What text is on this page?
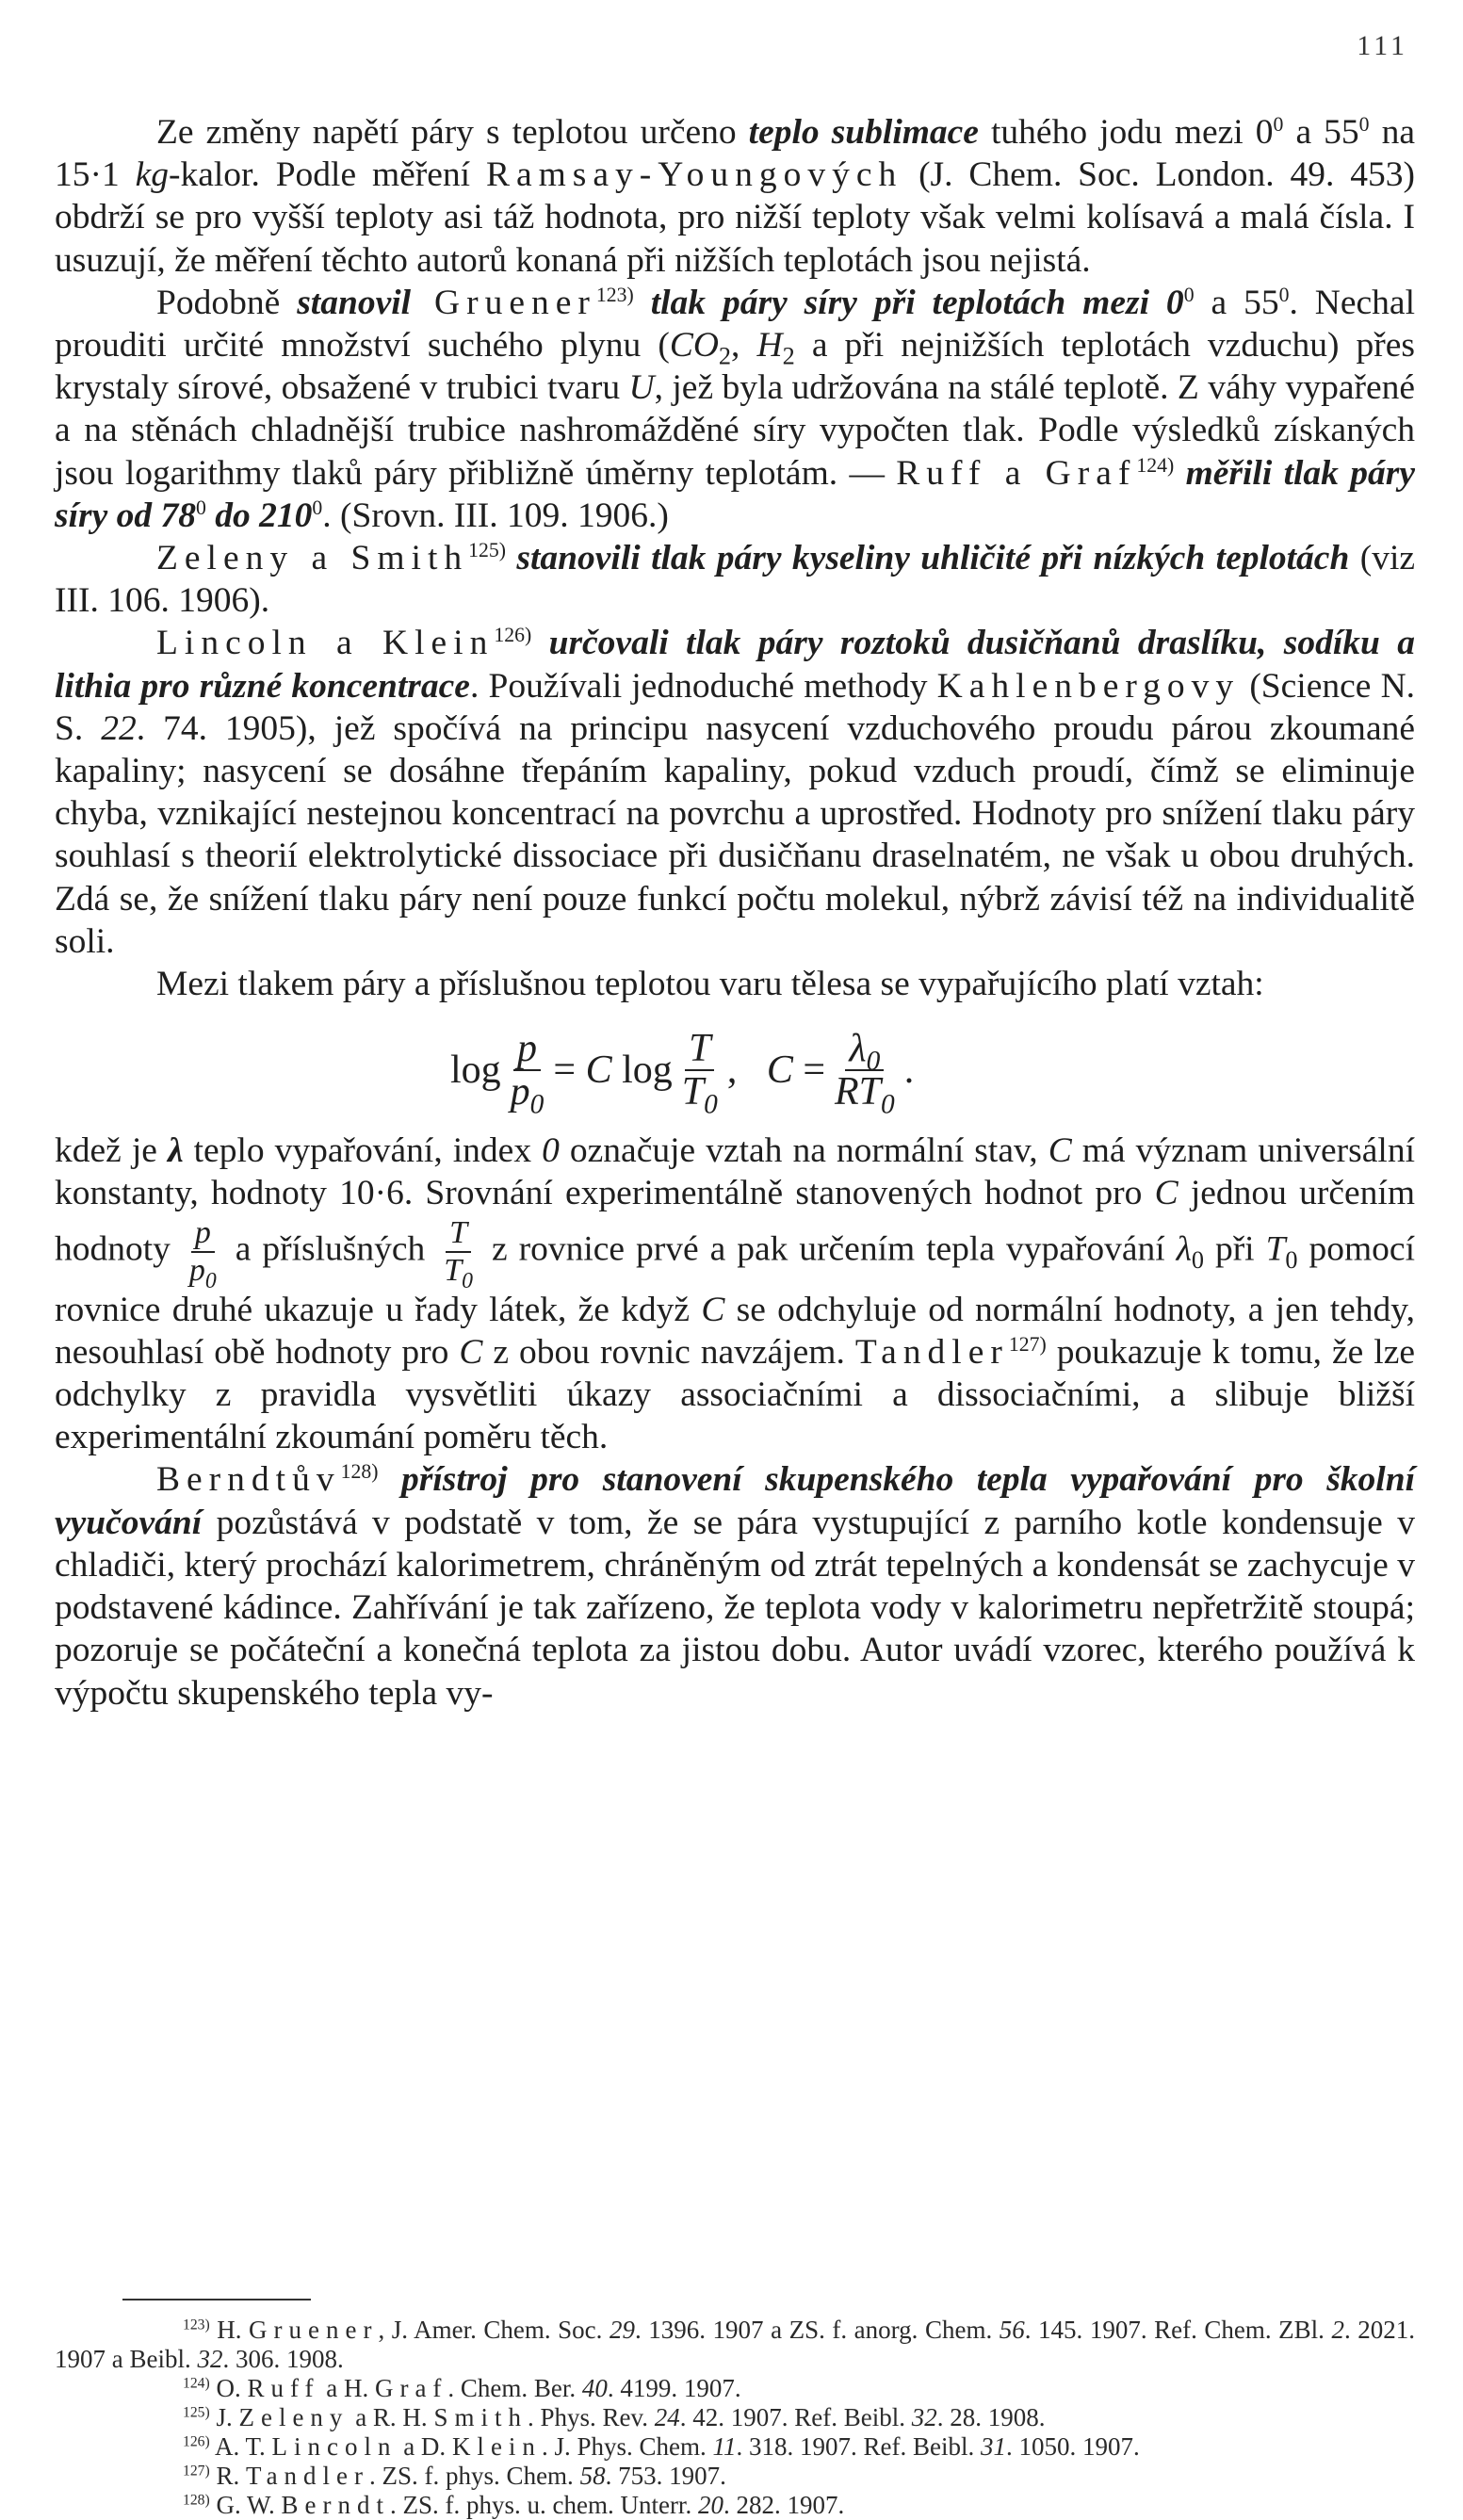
111

Ze změny napětí páry s teplotou určeno teplo sublimace tuhého jodu mezi $0^0$ a $55^0$ na 15·1 kg-kalor. Podle měření Ramsay-Youngových (J. Chem. Soc. London. 49. 453) obdrží se pro vyšší teploty asi táž hodnota, pro nižší teploty však velmi kolísavá a malá čísla. I usuzují, že měření těchto autorů konaná při nižších teplotách jsou nejistá.

Podobně stanovil Gruener$^{123)}$ tlak páry síry při teplotách mezi $0^0$ a $55^0$. Nechal prouditi určité množství suchého plynu ($CO_2$, $H_2$ a při nejnižších teplotách vzduchu) přes krystaly sírové, obsažené v trubici tvaru U, jež byla udržována na stálé teplotě. Z váhy vypařené a na stěnách chladnější trubice nashromážděné síry vypočten tlak. Podle výsledků získaných jsou logarithmy tlaků páry přibližně úměrny teplotám. — Ruff a Graf$^{124)}$ měřili tlak páry síry od $78^0$ do $210^0$. (Srovn. III. 109. 1906.)

Zeleny a Smith$^{125)}$ stanovili tlak páry kyseliny uhličité při nízkých teplotách (viz III. 106. 1906).

Lincoln a Klein$^{126)}$ určovali tlak páry roztoků dusičňanů draslíku, sodíku a lithia pro různé koncentrace. Používali jednoduché methody Kahlenbergovy (Science N. S. 22. 74. 1905), jež spočívá na principu nasycení vzduchového proudu párou zkoumané kapaliny; nasycení se dosáhne třepáním kapaliny, pokud vzduch proudí, čímž se eliminuje chyba, vznikající nestejnou koncentrací na povrchu a uprostřed. Hodnoty pro snížení tlaku páry souhlasí s theorií elektrolytické dissociace při dusičňanu draselnatém, ne však u obou druhých. Zdá se, že snížení tlaku páry není pouze funkcí počtu molekul, nýbrž závisí též na individualitě soli.

Mezi tlakem páry a příslušnou teplotou varu tělesa se vypařujícího platí vztah:

$\log \frac{p}{p_0}$ =
C
$\log \frac{T}{T_0}$ ,
C
= $\frac{\lambda_0}{RT_0}$ .

kdež je λ teplo vypařování, index 0 označuje vztah na normální stav, C má význam universální konstanty, hodnoty 10·6. Srovnání experimentálně stanovených hodnot pro C jednou určením hodnoty $\frac{p}{p_0}$ a příslušných $\frac{T}{T_0}$ z rovnice prvé a pak určením tepla vypařování $\lambda_0$ při $T_0$ pomocí rovnice druhé ukazuje u řady látek, že když C se odchyluje od normální hodnoty, a jen tehdy, nesouhlasí obě hodnoty pro C z obou rovnic navzájem. Tandler$^{127)}$ poukazuje k tomu, že lze odchylky z pravidla vysvětliti úkazy associačními a dissociačními, a slibuje bližší experimentální zkoumání poměru těch.

Berndtův$^{128)}$ přístroj pro stanovení skupenského tepla vypařování pro školní vyučování pozůstává v podstatě v tom, že se pára vystupující z parního kotle kondensuje v chladiči, který prochází kalorimetrem, chráněným od ztrát tepelných a kondensát se zachycuje v podstavené kádince. Zahřívání je tak zařízeno, že teplota vody v kalorimetru nepřetržitě stoupá; pozoruje se počáteční a konečná teplota za jistou dobu. Autor uvádí vzorec, kterého používá k výpočtu skupenského tepla vy-

$^{123)}$ H. Gruener, J. Amer. Chem. Soc. 29. 1396. 1907 a ZS. f. anorg. Chem. 56. 145. 1907. Ref. Chem. ZBl. 2. 2021. 1907 a Beibl. 32. 306. 1908.

$^{124)}$ O. Ruff a H. Graf. Chem. Ber. 40. 4199. 1907.

$^{125)}$ J. Zeleny a R. H. Smith. Phys. Rev. 24. 42. 1907. Ref. Beibl. 32. 28. 1908.

$^{126)}$ A. T. Lincoln a D. Klein. J. Phys. Chem. 11. 318. 1907. Ref. Beibl. 31. 1050. 1907.

$^{127)}$ R. Tandler. ZS. f. phys. Chem. 58. 753. 1907.

$^{128)}$ G. W. Berndt. ZS. f. phys. u. chem. Unterr. 20. 282. 1907.
